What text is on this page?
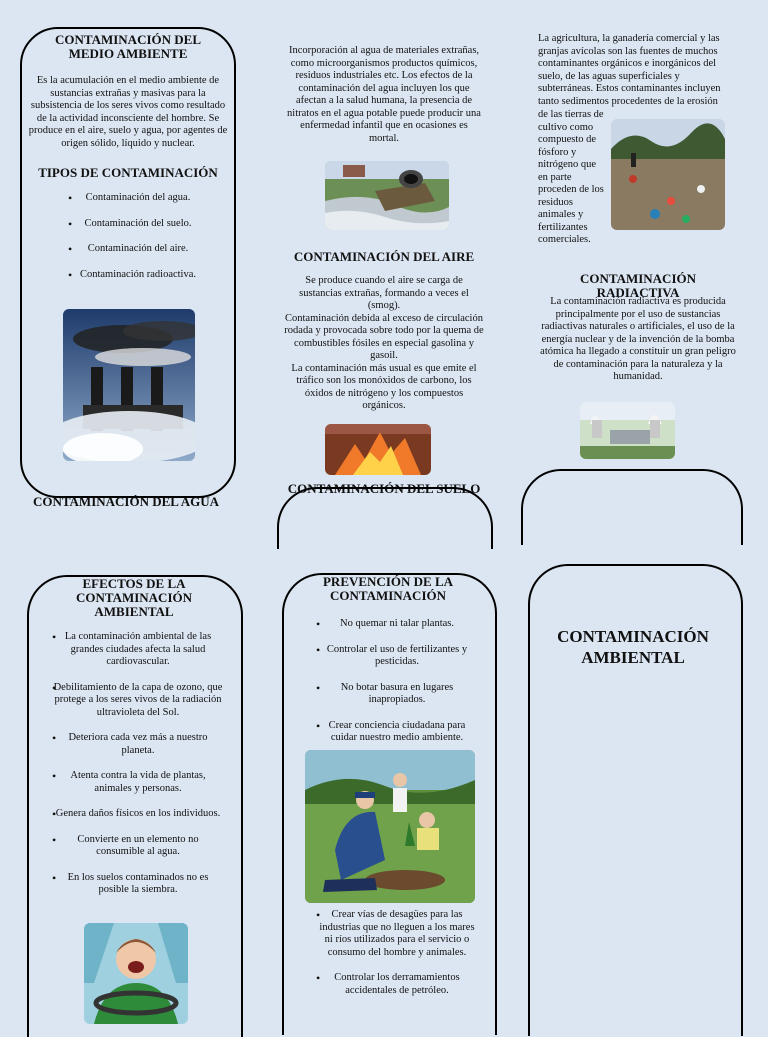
CONTAMINACIÓN DEL MEDIO AMBIENTE

Es la acumulación en el medio ambiente de sustancias extrañas y masivas para la subsistencia de los seres vivos como resultado de la actividad inconsciente del hombre. Se produce en el aire, suelo y agua, por agentes de origen sólido, líquido y nuclear.

TIPOS DE CONTAMINACIÓN

• Contaminación del agua.
• Contaminación del suelo.
• Contaminación del aire.
• Contaminación radioactiva.

CONTAMINACIÓN DEL AGUA

Incorporación al agua de materiales extrañas, como microorganismos productos químicos, residuos industriales etc. Los efectos de la contaminación del agua incluyen los que afectan a la salud humana, la presencia de nitratos en el agua potable puede producir una enfermedad infantil que en ocasiones es mortal.

CONTAMINACIÓN DEL AIRE

Se produce cuando el aire se carga de sustancias extrañas, formando a veces el (smog).
Contaminación debida al exceso de circulación rodada y provocada sobre todo por la quema de combustibles fósiles en especial gasolina y gasoil.
La contaminación más usual es que emite el tráfico son los monóxidos de carbono, los óxidos de nitrógeno y los compuestos orgánicos.

CONTAMINACIÓN DEL SUELO

La agricultura, la ganadería comercial y las granjas avícolas son las fuentes de muchos contaminantes orgánicos e inorgánicos del suelo, de las aguas superficiales y subterráneas. Estos contaminantes incluyen tanto sedimentos procedentes de la erosión

de las tierras de cultivo como compuesto de fósforo y nitrógeno que en parte proceden de los residuos animales y fertilizantes comerciales.

CONTAMINACIÓN RADIACTIVA

La contaminación radiactiva es producida principalmente por el uso de sustancias radiactivas naturales o artificiales, el uso de la energía nuclear y de la invención de la bomba atómica ha llegado a constituir un gran peligro de contaminación para la naturaleza y la humanidad.

EFECTOS DE LA CONTAMINACIÓN AMBIENTAL

• La contaminación ambiental de las grandes ciudades afecta la salud cardiovascular.
• Debilitamiento de la capa de ozono, que protege a los seres vivos de la radiación ultravioleta del Sol.
• Deteriora cada vez más a nuestro planeta.
• Atenta contra la vida de plantas, animales y personas.
• Genera daños físicos en los individuos.
• Convierte en un elemento no consumible al agua.
• En los suelos contaminados no es posible la siembra.

PREVENCIÓN DE LA CONTAMINACIÓN

• No quemar ni talar plantas.
• Controlar el uso de fertilizantes y pesticidas.
• No botar basura en lugares inapropiados.
• Crear conciencia ciudadana para cuidar nuestro medio ambiente.
• Crear vías de desagües para las industrias que no lleguen a los mares ni ríos utilizados para el servicio o consumo del hombre y animales.
• Controlar los derramamientos accidentales de petróleo.

CONTAMINACIÓN AMBIENTAL
